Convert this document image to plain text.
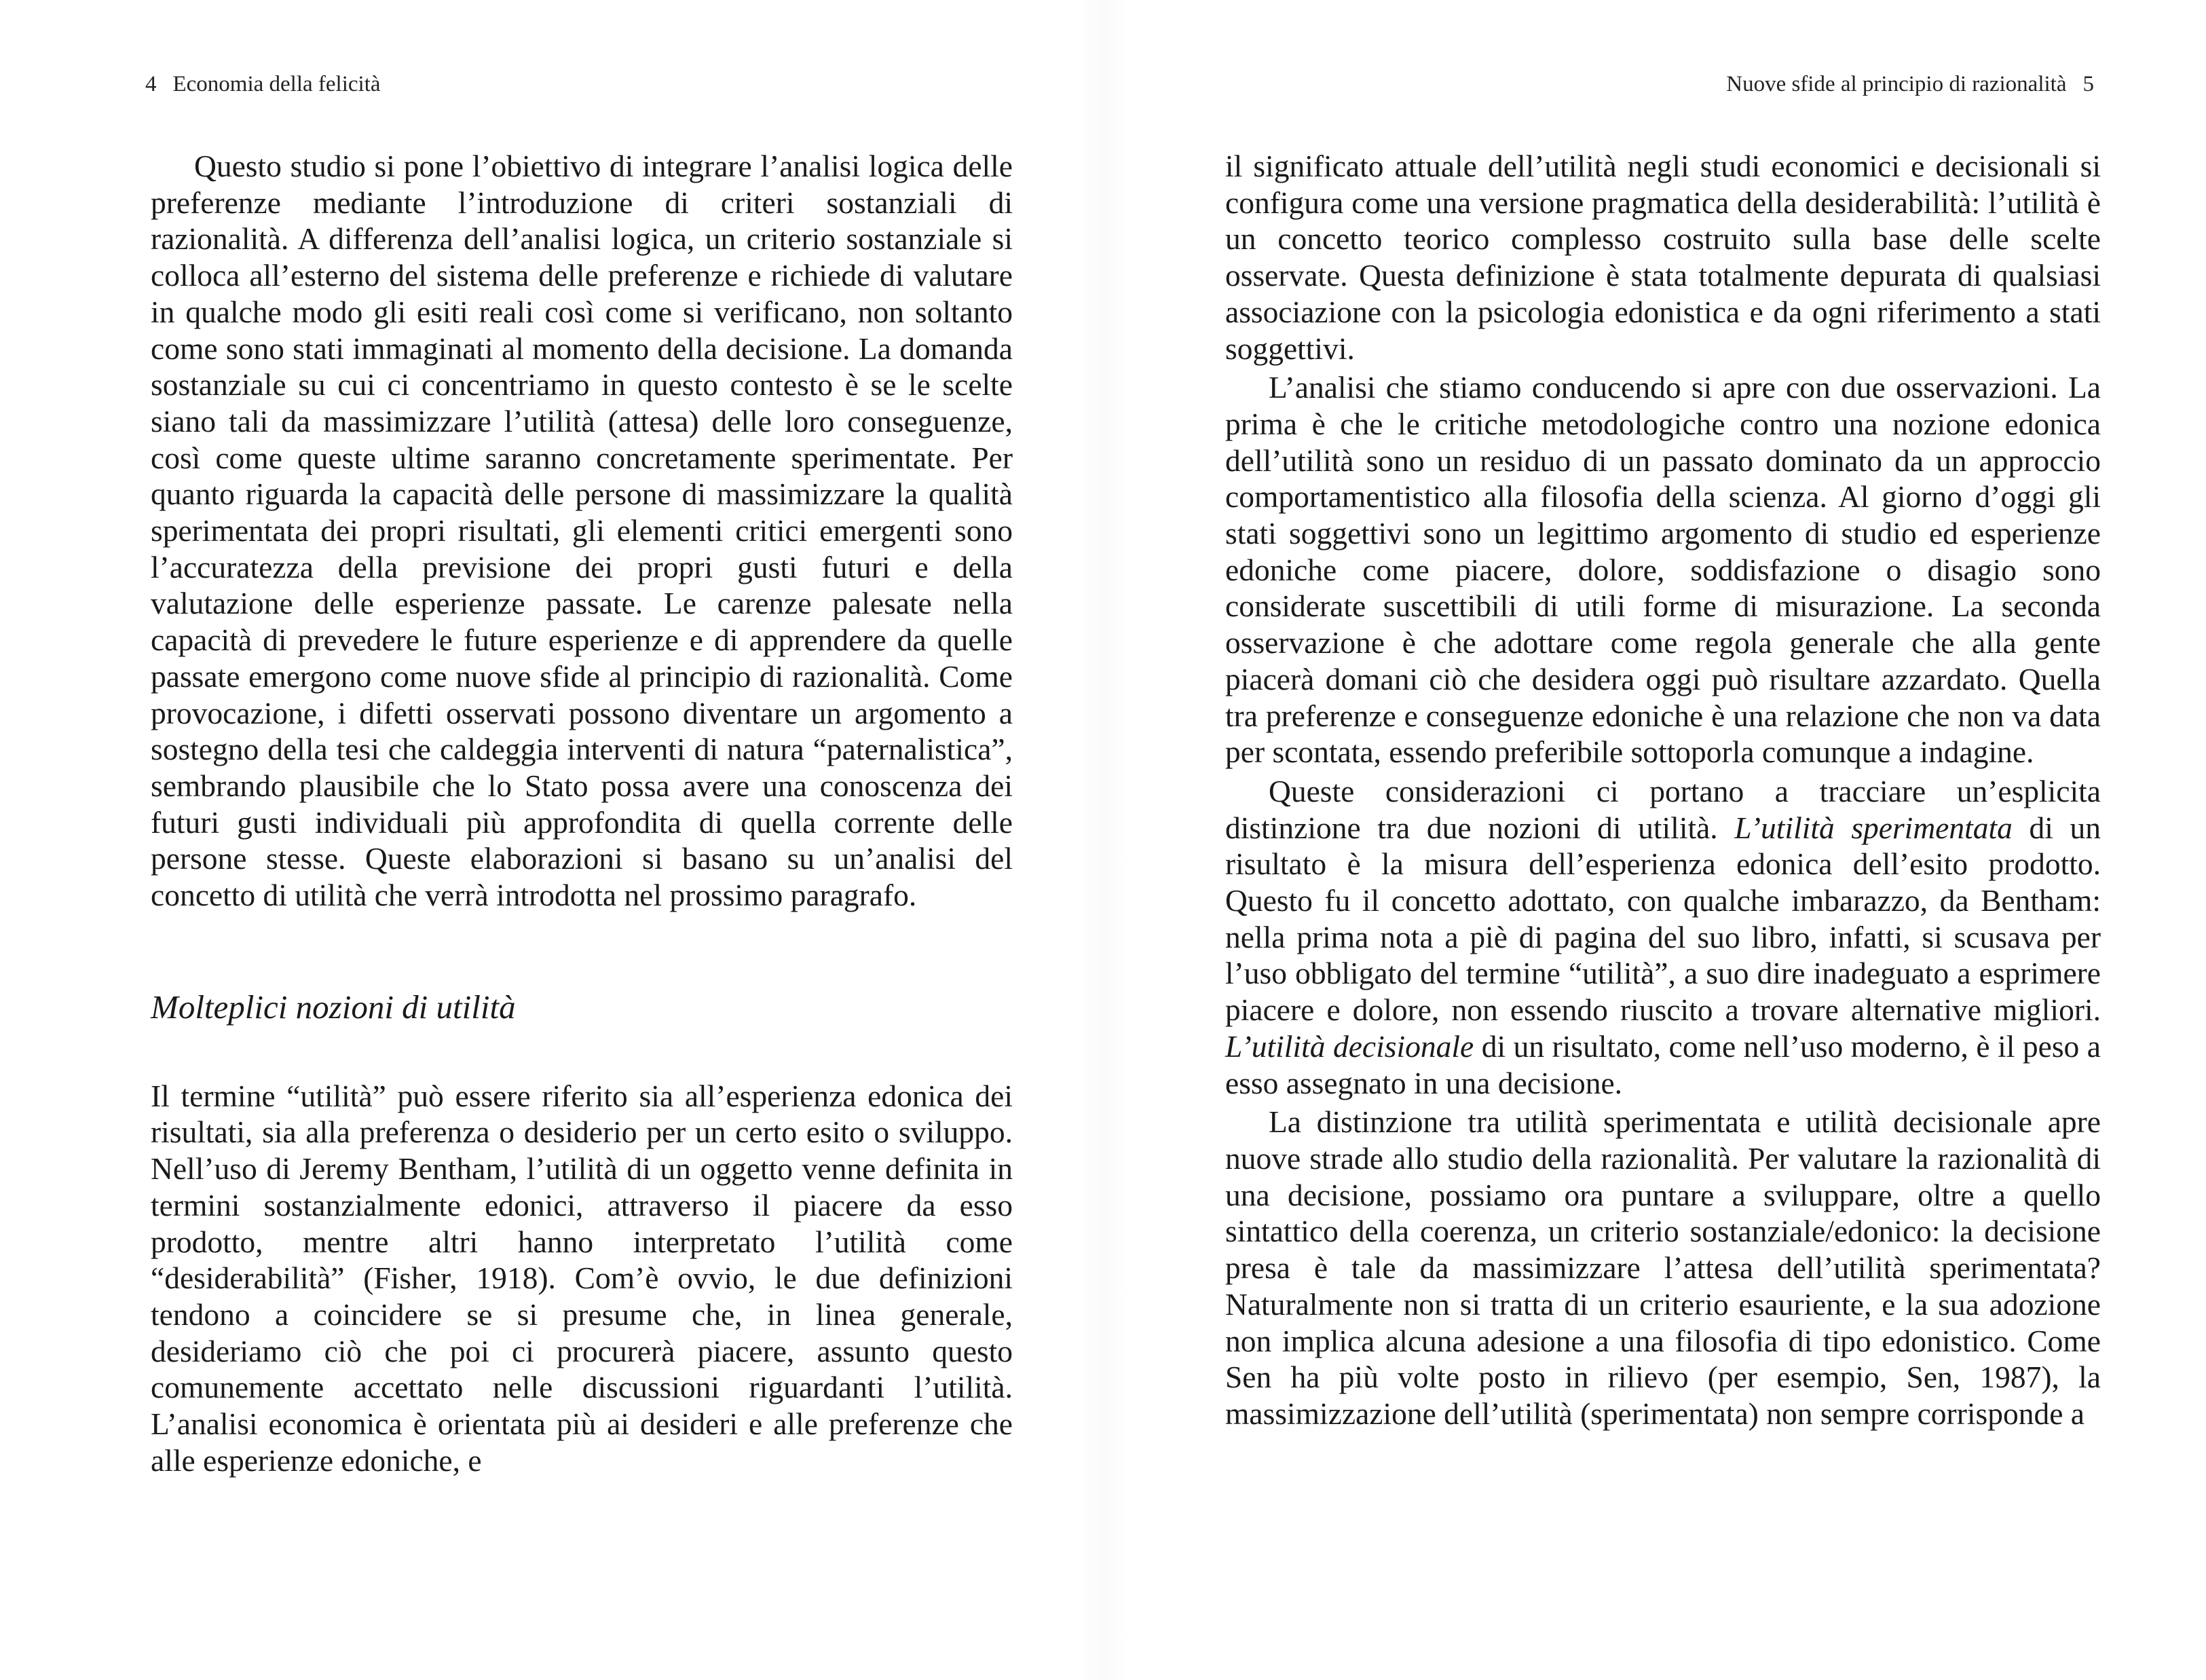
4 Economia della felicità

Questo studio si pone l’obiettivo di integrare l’analisi logica delle preferenze mediante l’introduzione di criteri sostanziali di razionalità. A differenza dell’analisi logica, un criterio sostanziale si colloca all’esterno del sistema delle preferenze e richiede di valutare in qualche modo gli esiti reali così come si verificano, non soltanto come sono stati immaginati al momento della decisione. La domanda sostanziale su cui ci concentriamo in questo contesto è se le scelte siano tali da massimizzare l’utilità (attesa) delle loro conseguenze, così come queste ultime saranno concretamente sperimentate. Per quanto riguarda la capacità delle persone di massimizzare la qualità sperimentata dei propri risultati, gli elementi critici emergenti sono l’accuratezza della previsione dei propri gusti futuri e della valutazione delle esperienze passate. Le carenze palesate nella capacità di prevedere le future esperienze e di apprendere da quelle passate emergono come nuove sfide al principio di razionalità. Come provocazione, i difetti osservati possono diventare un argomento a sostegno della tesi che caldeggia interventi di natura “paternalistica”, sembrando plausibile che lo Stato possa avere una conoscenza dei futuri gusti individuali più approfondita di quella corrente delle persone stesse. Queste elaborazioni si basano su un’analisi del concetto di utilità che verrà introdotta nel prossimo paragrafo.

Molteplici nozioni di utilità

Il termine “utilità” può essere riferito sia all’esperienza edonica dei risultati, sia alla preferenza o desiderio per un certo esito o sviluppo. Nell’uso di Jeremy Bentham, l’utilità di un oggetto venne definita in termini sostanzialmente edonici, attraverso il piacere da esso prodotto, mentre altri hanno interpretato l’utilità come “desiderabilità” (Fisher, 1918). Com’è ovvio, le due definizioni tendono a coincidere se si presume che, in linea generale, desideriamo ciò che poi ci procurerà piacere, assunto questo comunemente accettato nelle discussioni riguardanti l’utilità. L’analisi economica è orientata più ai desideri e alle preferenze che alle esperienze edoniche, e

Nuove sfide al principio di razionalità 5

il significato attuale dell’utilità negli studi economici e decisionali si configura come una versione pragmatica della desiderabilità: l’utilità è un concetto teorico complesso costruito sulla base delle scelte osservate. Questa definizione è stata totalmente depurata di qualsiasi associazione con la psicologia edonistica e da ogni riferimento a stati soggettivi.

L’analisi che stiamo conducendo si apre con due osservazioni. La prima è che le critiche metodologiche contro una nozione edonica dell’utilità sono un residuo di un passato dominato da un approccio comportamentistico alla filosofia della scienza. Al giorno d’oggi gli stati soggettivi sono un legittimo argomento di studio ed esperienze edoniche come piacere, dolore, soddisfazione o disagio sono considerate suscettibili di utili forme di misurazione. La seconda osservazione è che adottare come regola generale che alla gente piacerà domani ciò che desidera oggi può risultare azzardato. Quella tra preferenze e conseguenze edoniche è una relazione che non va data per scontata, essendo preferibile sottoporla comunque a indagine.

Queste considerazioni ci portano a tracciare un’esplicita distinzione tra due nozioni di utilità. L’utilità sperimentata di un risultato è la misura dell’esperienza edonica dell’esito prodotto. Questo fu il concetto adottato, con qualche imbarazzo, da Bentham: nella prima nota a piè di pagina del suo libro, infatti, si scusava per l’uso obbligato del termine “utilità”, a suo dire inadeguato a esprimere piacere e dolore, non essendo riuscito a trovare alternative migliori. L’utilità decisionale di un risultato, come nell’uso moderno, è il peso a esso assegnato in una decisione.

La distinzione tra utilità sperimentata e utilità decisionale apre nuove strade allo studio della razionalità. Per valutare la razionalità di una decisione, possiamo ora puntare a sviluppare, oltre a quello sintattico della coerenza, un criterio sostanziale/edonico: la decisione presa è tale da massimizzare l’attesa dell’utilità sperimentata? Naturalmente non si tratta di un criterio esauriente, e la sua adozione non implica alcuna adesione a una filosofia di tipo edonistico. Come Sen ha più volte posto in rilievo (per esempio, Sen, 1987), la massimizzazione dell’utilità (sperimentata) non sempre corrisponde a
